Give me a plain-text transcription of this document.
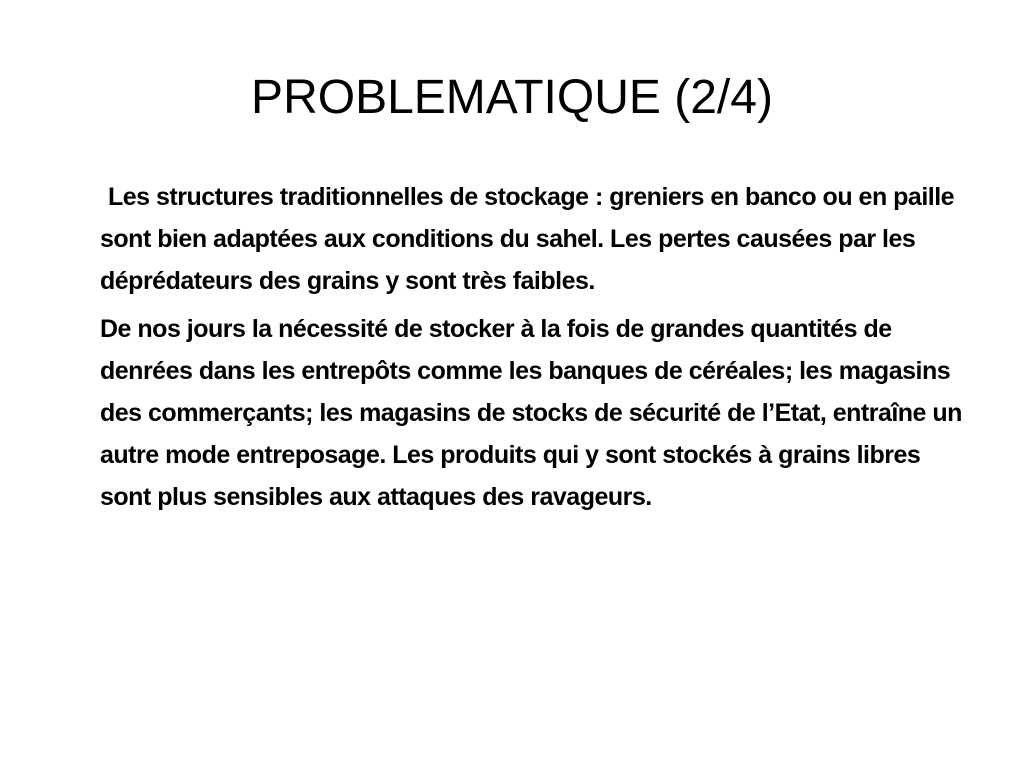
PROBLEMATIQUE (2/4)

Les structures traditionnelles de stockage : greniers en banco ou en paille sont bien adaptées aux conditions du sahel. Les pertes causées par les déprédateurs des grains y sont très faibles.

De nos jours la nécessité de stocker à la fois de grandes quantités de denrées dans les entrepôts comme les banques de céréales; les magasins des commerçants; les magasins de stocks de sécurité de l’Etat, entraîne un autre mode entreposage. Les produits qui y sont stockés à grains libres sont plus sensibles aux attaques des ravageurs.
